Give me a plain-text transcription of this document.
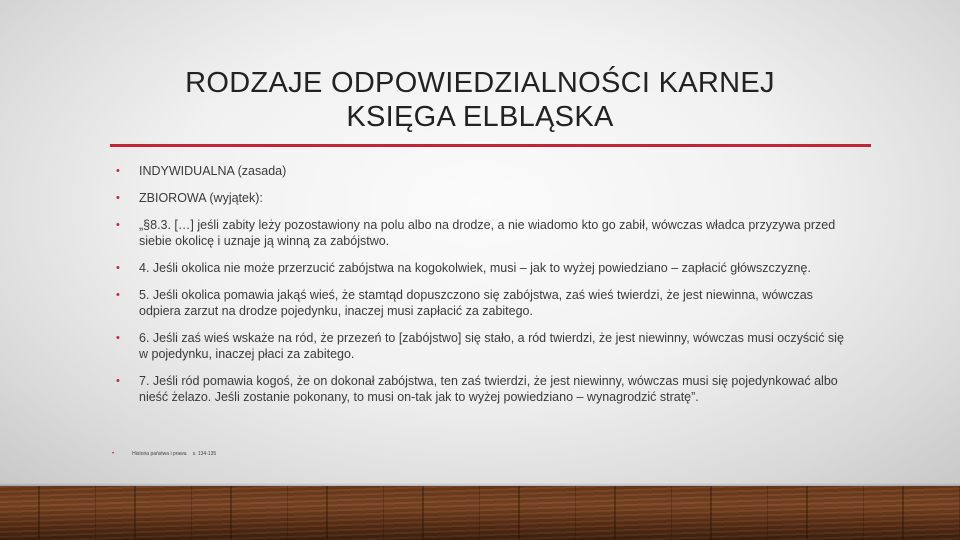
RODZAJE ODPOWIEDZIALNOŚCI KARNEJ
KSIĘGA ELBLĄSKA
• INDYWIDUALNA (zasada)
• ZBIOROWA (wyjątek):
• „§8.3. […] jeśli zabity leży pozostawiony na polu albo na drodze, a nie wiadomo kto go zabił, wówczas władca przyzywa przed siebie okolicę i uznaje ją winną za zabójstwo.
• 4. Jeśli okolica nie może przerzucić zabójstwa na kogokolwiek, musi – jak to wyżej powiedziano – zapłacić główszczyznę.
• 5. Jeśli okolica pomawia jakąś wieś, że stamtąd dopuszczono się zabójstwa, zaś wieś twierdzi, że jest niewinna, wówczas odpiera zarzut na drodze pojedynku, inaczej musi zapłacić za zabitego.
• 6. Jeśli zaś wieś wskaże na ród, że przezeń to [zabójstwo] się stało, a ród twierdzi, że jest niewinny, wówczas musi oczyścić się w pojedynku, inaczej płaci za zabitego.
• 7. Jeśli ród pomawia kogoś, że on dokonał zabójstwa, ten zaś twierdzi, że jest niewinny, wówczas musi się pojedynkować albo nieść żelazo. Jeśli zostanie pokonany, to musi on-tak jak to wyżej powiedziano – wynagrodzić stratę”.
•	Historia państwa i prawa s. 134-135
